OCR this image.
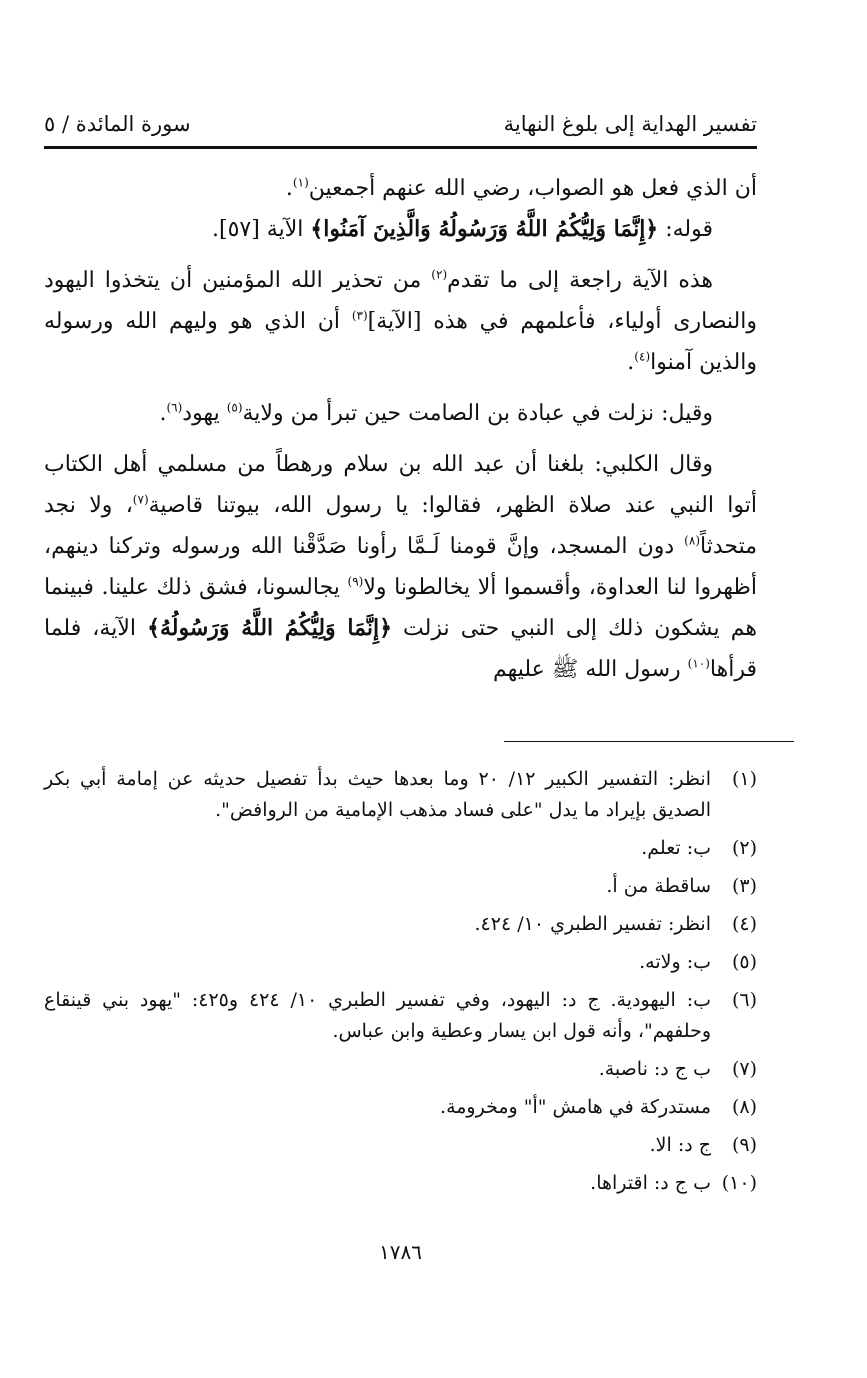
تفسير الهداية إلى بلوغ النهاية
سورة المائدة / ٥

أن الذي فعل هو الصواب، رضي الله عنهم أجمعين$^{(١)}$.

قوله: ﴿إِنَّمَا وَلِيُّكُمُ اللَّهُ وَرَسُولُهُ وَالَّذِينَ آمَنُوا﴾ الآية [٥٧].

هذه الآية راجعة إلى ما تقدم$^{(٢)}$ من تحذير الله المؤمنين أن يتخذوا اليهود والنصارى أولياء، فأعلمهم في هذه [الآية]$^{(٣)}$ أن الذي هو وليهم الله ورسوله والذين آمنوا$^{(٤)}$.

وقيل: نزلت في عبادة بن الصامت حين تبرأ من ولاية$^{(٥)}$ يهود$^{(٦)}$.

وقال الكلبي: بلغنا أن عبد الله بن سلام ورهطاً من مسلمي أهل الكتاب أتوا النبي عند صلاة الظهر، فقالوا: يا رسول الله، بيوتنا قاصية$^{(٧)}$، ولا نجد متحدثاً$^{(٨)}$ دون المسجد، وإنَّ قومنا لَـمَّا رأونا صَدَّقْنا الله ورسوله وتركنا دينهم، أظهروا لنا العداوة، وأقسموا ألا يخالطونا ولا$^{(٩)}$ يجالسونا، فشق ذلك علينا. فبينما هم يشكون ذلك إلى النبي حتى نزلت ﴿إِنَّمَا وَلِيُّكُمُ اللَّهُ وَرَسُولُهُ﴾ الآية، فلما قرأها$^{(١٠)}$ رسول الله ﷺ عليهم

(١)
انظر: التفسير الكبير ١٢/ ٢٠ وما بعدها حيث بدأ تفصيل حديثه عن إمامة أبي بكر الصديق بإيراد ما يدل "على فساد مذهب الإمامية من الروافض".
(٢)
ب: تعلم.
(٣)
ساقطة من أ.
(٤)
انظر: تفسير الطبري ١٠/ ٤٢٤.
(٥)
ب: ولاته.
(٦)
ب: اليهودية. ج د: اليهود، وفي تفسير الطبري ١٠/ ٤٢٤ و٤٢٥: "يهود بني قينقاع وحلفهم"، وأنه قول ابن يسار وعطية وابن عباس.
(٧)
ب ج د: ناصبة.
(٨)
مستدركة في هامش "أ" ومخرومة.
(٩)
ج د: الا.
(١٠)
ب ج د: اقتراها.
١٧٨٦
